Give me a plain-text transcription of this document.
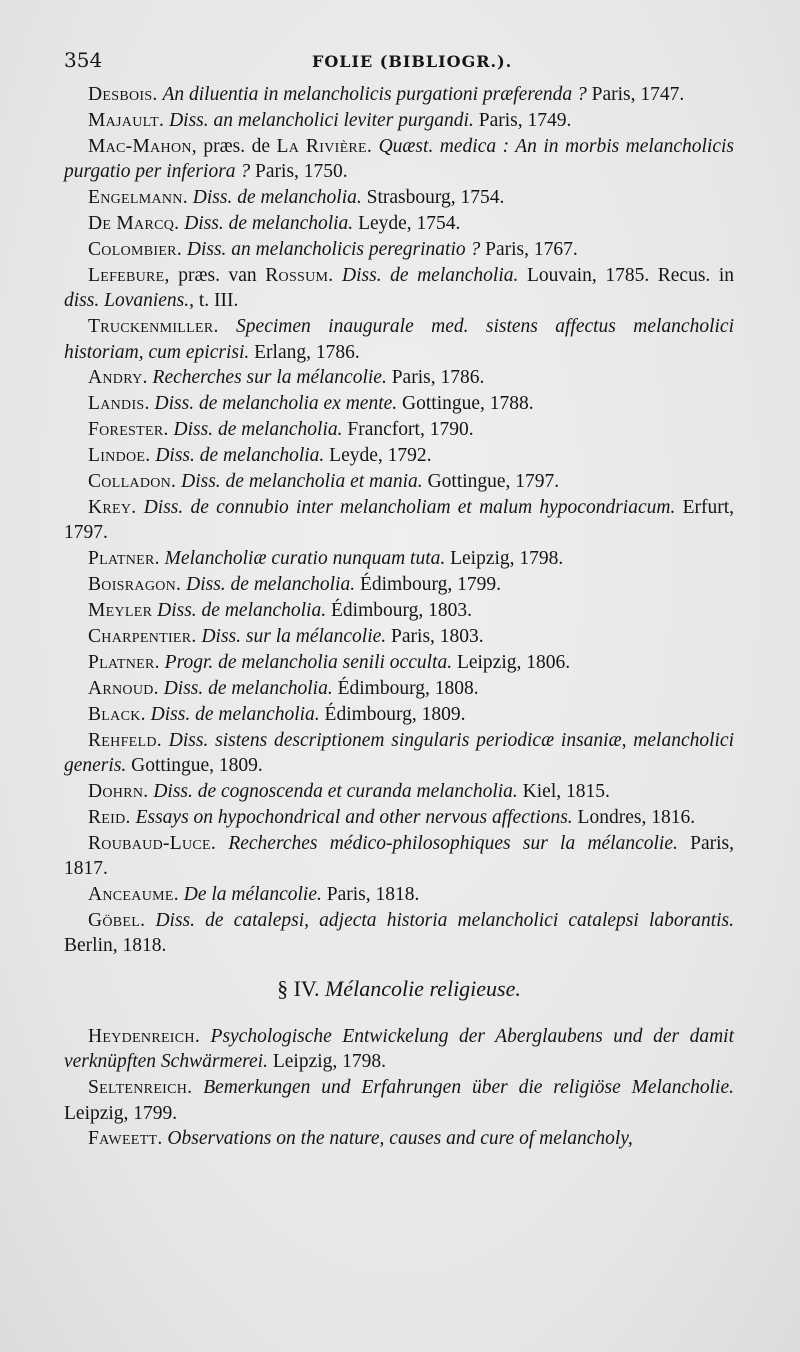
354	FOLIE (BIBLIOGR.).

Desbois. An diluentia in melancholicis purgationi præferenda ? Paris, 1747.

Majault. Diss. an melancholici leviter purgandi. Paris, 1749.

Mac-Mahon, præs. de La Rivière. Quæst. medica : An in morbis melancholicis purgatio per inferiora ? Paris, 1750.

Engelmann. Diss. de melancholia. Strasbourg, 1754.

De Marcq. Diss. de melancholia. Leyde, 1754.

Colombier. Diss. an melancholicis peregrinatio ? Paris, 1767.

Lefebure, præs. van Rossum. Diss. de melancholia. Louvain, 1785. Recus. in diss. Lovaniens., t. III.

Truckenmiller. Specimen inaugurale med. sistens affectus melancholici historiam, cum epicrisi. Erlang, 1786.

Andry. Recherches sur la mélancolie. Paris, 1786.

Landis. Diss. de melancholia ex mente. Gottingue, 1788.

Forester. Diss. de melancholia. Francfort, 1790.

Lindoe. Diss. de melancholia. Leyde, 1792.

Colladon. Diss. de melancholia et mania. Gottingue, 1797.

Krey. Diss. de connubio inter melancholiam et malum hypocondriacum. Erfurt, 1797.

Platner. Melancholiæ curatio nunquam tuta. Leipzig, 1798.

Boisragon. Diss. de melancholia. Édimbourg, 1799.

Meyler Diss. de melancholia. Édimbourg, 1803.

Charpentier. Diss. sur la mélancolie. Paris, 1803.

Platner. Progr. de melancholia senili occulta. Leipzig, 1806.

Arnoud. Diss. de melancholia. Édimbourg, 1808.

Black. Diss. de melancholia. Édimbourg, 1809.

Rehfeld. Diss. sistens descriptionem singularis periodicæ insaniæ, melancholici generis. Gottingue, 1809.

Dohrn. Diss. de cognoscenda et curanda melancholia. Kiel, 1815.

Reid. Essays on hypochondrical and other nervous affections. Londres, 1816.

Roubaud-Luce. Recherches médico-philosophiques sur la mélancolie. Paris, 1817.

Anceaume. De la mélancolie. Paris, 1818.

Göbel. Diss. de catalepsi, adjecta historia melancholici catalepsi laborantis. Berlin, 1818.

§ IV. Mélancolie religieuse.

Heydenreich. Psychologische Entwickelung der Aberglaubens und der damit verknüpften Schwärmerei. Leipzig, 1798.

Seltenreich. Bemerkungen und Erfahrungen über die religiöse Melancholie. Leipzig, 1799.

Faweett. Observations on the nature, causes and cure of melancholy,
